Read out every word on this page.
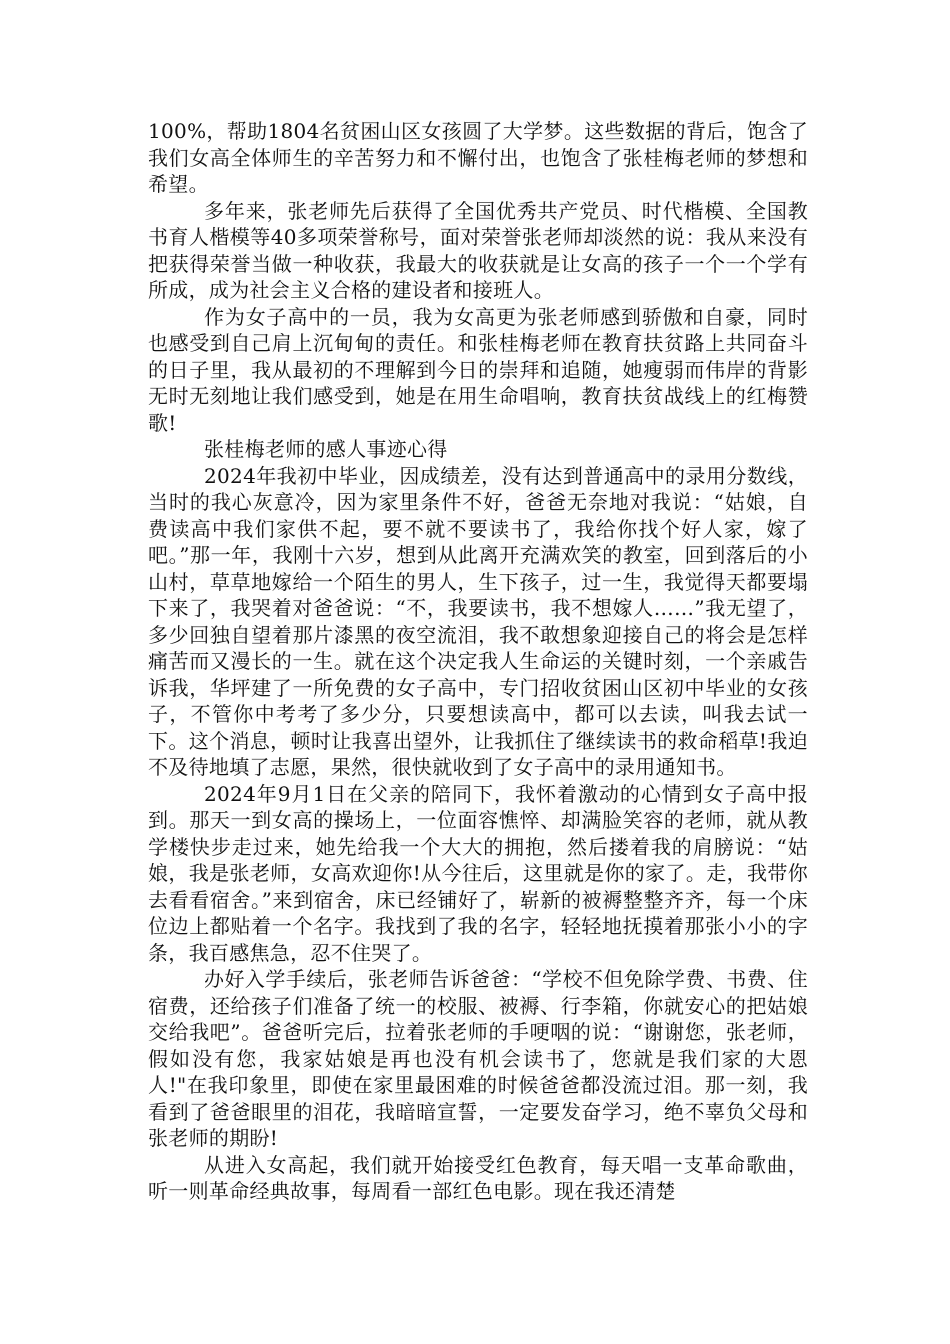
100%，帮助1804名贫困山区女孩圆了大学梦。这些数据的背后，饱含了我们女高全体师生的辛苦努力和不懈付出，也饱含了张桂梅老师的梦想和希望。

多年来，张老师先后获得了全国优秀共产党员、时代楷模、全国教书育人楷模等40多项荣誉称号，面对荣誉张老师却淡然的说：我从来没有把获得荣誉当做一种收获，我最大的收获就是让女高的孩子一个一个学有所成，成为社会主义合格的建设者和接班人。

作为女子高中的一员，我为女高更为张老师感到骄傲和自豪，同时也感受到自己肩上沉甸甸的责任。和张桂梅老师在教育扶贫路上共同奋斗的日子里，我从最初的不理解到今日的崇拜和追随，她瘦弱而伟岸的背影无时无刻地让我们感受到，她是在用生命唱响，教育扶贫战线上的红梅赞歌!

张桂梅老师的感人事迹心得

2024年我初中毕业，因成绩差，没有达到普通高中的录用分数线，当时的我心灰意冷，因为家里条件不好，爸爸无奈地对我说：“姑娘，自费读高中我们家供不起，要不就不要读书了，我给你找个好人家，嫁了吧。”那一年，我刚十六岁，想到从此离开充满欢笑的教室，回到落后的小山村，草草地嫁给一个陌生的男人，生下孩子，过一生，我觉得天都要塌下来了，我哭着对爸爸说：“不，我要读书，我不想嫁人……”我无望了，多少回独自望着那片漆黑的夜空流泪，我不敢想象迎接自己的将会是怎样痛苦而又漫长的一生。就在这个决定我人生命运的关键时刻，一个亲戚告诉我，华坪建了一所免费的女子高中，专门招收贫困山区初中毕业的女孩子，不管你中考考了多少分，只要想读高中，都可以去读，叫我去试一下。这个消息，顿时让我喜出望外，让我抓住了继续读书的救命稻草!我迫不及待地填了志愿，果然，很快就收到了女子高中的录用通知书。

2024年9月1日在父亲的陪同下，我怀着激动的心情到女子高中报到。那天一到女高的操场上，一位面容憔悴、却满脸笑容的老师，就从教学楼快步走过来，她先给我一个大大的拥抱，然后搂着我的肩膀说：“姑娘，我是张老师，女高欢迎你!从今往后，这里就是你的家了。走，我带你去看看宿舍。”来到宿舍，床已经铺好了，崭新的被褥整整齐齐，每一个床位边上都贴着一个名字。我找到了我的名字，轻轻地抚摸着那张小小的字条，我百感焦急，忍不住哭了。

办好入学手续后，张老师告诉爸爸：“学校不但免除学费、书费、住宿费，还给孩子们准备了统一的校服、被褥、行李箱，你就安心的把姑娘交给我吧”。爸爸听完后，拉着张老师的手哽咽的说：“谢谢您，张老师，假如没有您，我家姑娘是再也没有机会读书了，您就是我们家的大恩人!"在我印象里，即使在家里最困难的时候爸爸都没流过泪。那一刻，我看到了爸爸眼里的泪花，我暗暗宣誓，一定要发奋学习，绝不辜负父母和张老师的期盼!

从进入女高起，我们就开始接受红色教育，每天唱一支革命歌曲，听一则革命经典故事，每周看一部红色电影。现在我还清楚
